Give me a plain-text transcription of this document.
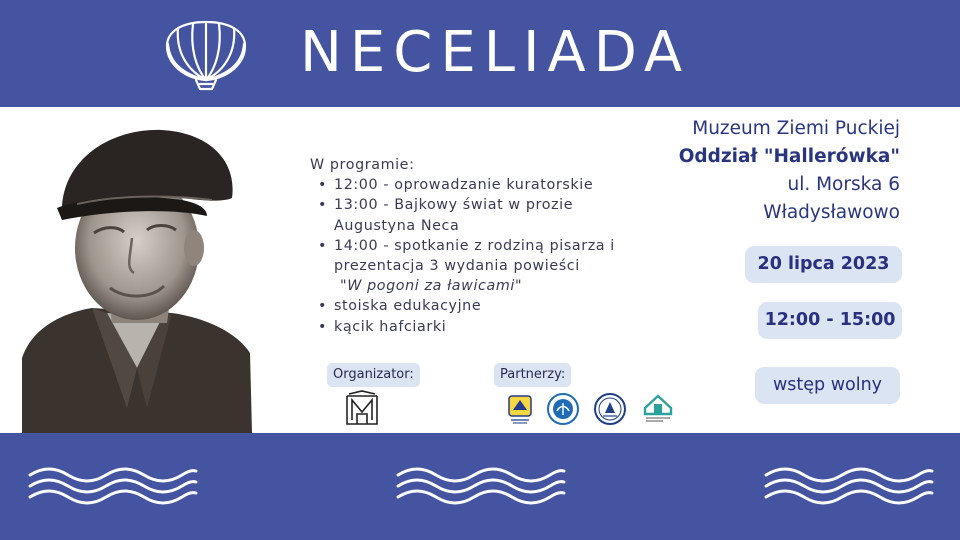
NECELIADA
W programie:
• 12:00 - oprowadzanie kuratorskie
• 13:00 - Bajkowy świat w prozie Augustyna Neca
• 14:00 - spotkanie z rodziną pisarza i prezentacja 3 wydania powieści
"W pogoni za ławicami"
• stoiska edukacyjne
• kącik hafciarki
Organizator:	Partnerzy:
Muzeum Ziemi Puckiej
Oddział "Hallerówka"
ul. Morska 6
Władysławowo
20 lipca 2023
12:00 - 15:00
wstęp wolny
